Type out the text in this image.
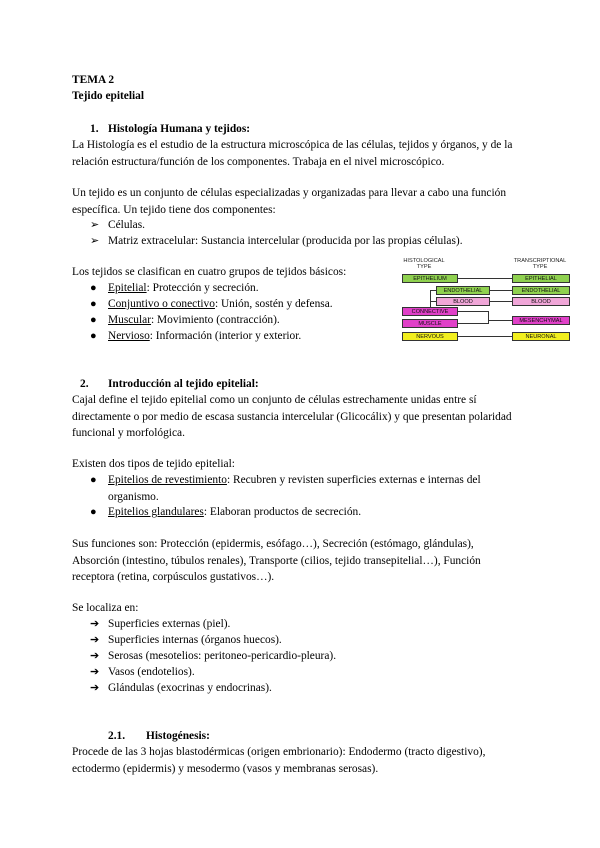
TEMA 2
Tejido epitelial
1. Histología Humana y tejidos:

La Histología es el estudio de la estructura microscópica de las células, tejidos y órganos, y de la relación estructura/función de los componentes. Trabaja en el nivel microscópico.

Un tejido es un conjunto de células especializadas y organizadas para llevar a cabo una función específica. Un tejido tiene dos componentes:

➢ Células.
➢ Matriz extracelular: Sustancia intercelular (producida por las propias células).

Los tejidos se clasifican en cuatro grupos de tejidos básicos:

● Epitelial: Protección y secreción.
● Conjuntivo o conectivo: Unión, sostén y defensa.
● Muscular: Movimiento (contracción).
● Nervioso: Información (interior y exterior.
HISTOLOGICAL TYPE
TRANSCRIPTIONAL TYPE
EPITHELIUM
CONNECTIVE
MUSCLE
NERVOUS
ENDOTHELIAL
BLOOD
EPITHELIAL
ENDOTHELIAL
BLOOD
MESENCHYMAL
NEURONAL
2. Introducción al tejido epitelial:

Cajal define el tejido epitelial como un conjunto de células estrechamente unidas entre sí directamente o por medio de escasa sustancia intercelular (Glicocálix) y que presentan polaridad funcional y morfológica.

Existen dos tipos de tejido epitelial:

● Epitelios de revestimiento: Recubren y revisten superficies externas e internas del organismo.

● Epitelios glandulares: Elaboran productos de secreción.

Sus funciones son: Protección (epidermis, esófago…), Secreción (estómago, glándulas), Absorción (intestino, túbulos renales), Transporte (cilios, tejido transepitelial…), Función receptora (retina, corpúsculos gustativos…).

Se localiza en:

➔ Superficies externas (piel).
➔ Superficies internas (órganos huecos).
➔ Serosas (mesotelios: peritoneo-pericardio-pleura).
➔ Vasos (endotelios).
➔ Glándulas (exocrinas y endocrinas).
2.1. Histogénesis:

Procede de las 3 hojas blastodérmicas (origen embrionario): Endodermo (tracto digestivo), ectodermo (epidermis) y mesodermo (vasos y membranas serosas).
